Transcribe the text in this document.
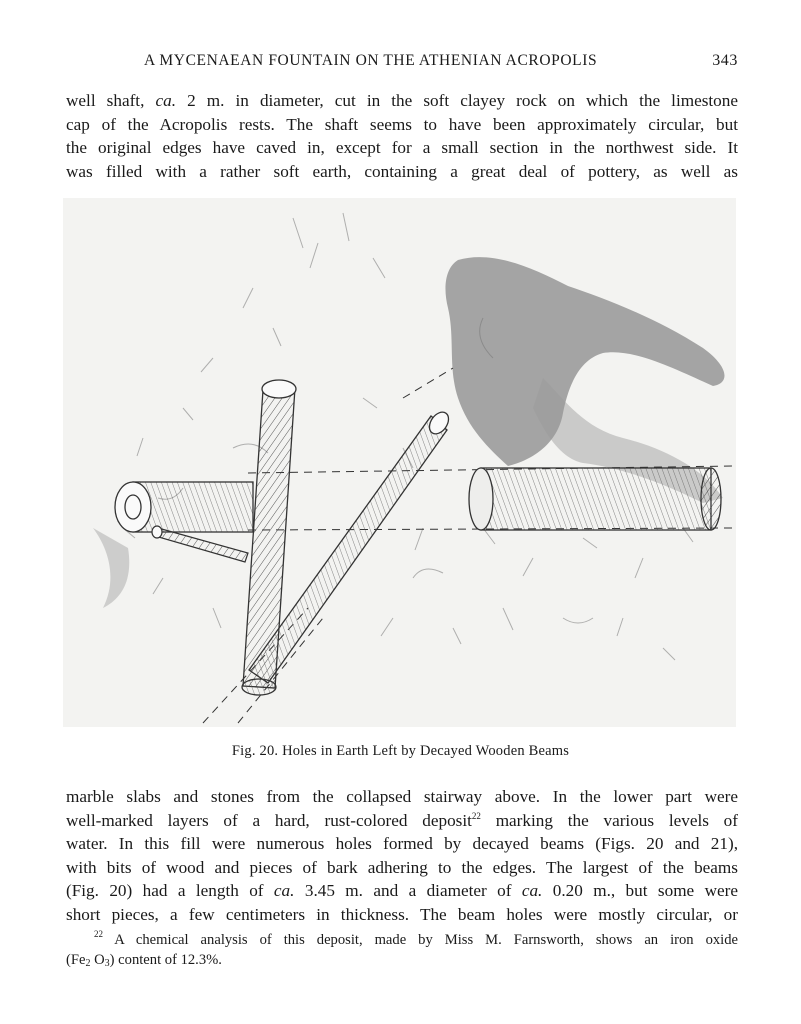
A MYCENAEAN FOUNTAIN ON THE ATHENIAN ACROPOLIS	343
well shaft, ca. 2 m. in diameter, cut in the soft clayey rock on which the limestone
cap of the Acropolis rests. The shaft seems to have been approximately circular, but
the original edges have caved in, except for a small section in the northwest side. It
was filled with a rather soft earth, containing a great deal of pottery, as well as
Fig. 20. Holes in Earth Left by Decayed Wooden Beams
marble slabs and stones from the collapsed stairway above. In the lower part were
well-marked layers of a hard, rust-colored deposit$^{22}$ marking the various levels of
water. In this fill were numerous holes formed by decayed beams (Figs. 20 and 21),
with bits of wood and pieces of bark adhering to the edges. The largest of the beams
(Fig. 20) had a length of ca. 3.45 m. and a diameter of ca. 0.20 m., but some were
short pieces, a few centimeters in thickness. The beam holes were mostly circular, or
$^{22}$ A chemical analysis of this deposit, made by Miss M. Farnsworth, shows an iron oxide
($Fe_2$ $O_3$) content of 12.3%.
